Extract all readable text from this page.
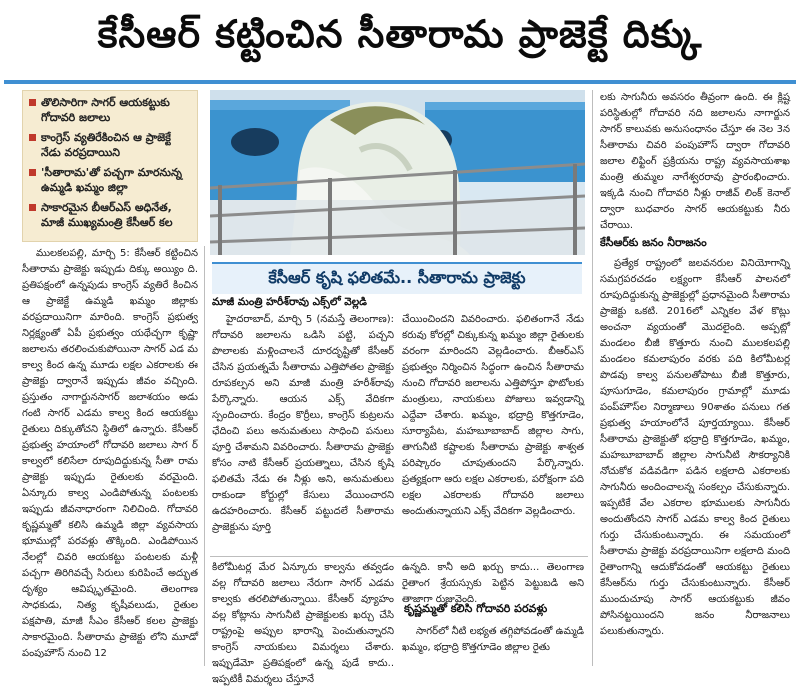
కేసీఆర్ కట్టించిన సీతారామ ప్రాజెక్టే దిక్కు
తొలిసారిగా సాగర్ ఆయకట్టుకు గోదావరి జలాలు
కాంగ్రెస్ వ్యతిరేకించిన ఆ ప్రాజెక్టే నేడు వరప్రదాయిని
'సీతారామ'తో పచ్చగా మారనున్న ఉమ్మడి ఖమ్మం జిల్లా
సాకారమైన బీఆర్ఎస్ అధినేత, మాజీ ముఖ్యమంత్రి కేసీఆర్ కల

ములకలపల్లి, మార్చి 5: కేసీఆర్ కట్టించిన సీతారామ ప్రాజెక్టు ఇప్పుడు దిక్కు అయ్యిం ది. ప్రతిపక్షంలో ఉన్నపుడు కాంగ్రెస్ వ్యతిరే కించిన ఆ ప్రాజెక్టే ఉమ్మడి ఖమ్మం జిల్లాకు వరప్రదాయినిగా మారింది. కాంగ్రెస్ ప్రభుత్వ నిర్లక్ష్యంతో ఏపీ ప్రభుత్వం యథేచ్ఛగా కృష్ణా జలాలను తరలించుకుపోయినా సాగర్ ఎడ మ కాల్వ కింద ఉన్న మూడు లక్షల ఎకరాలకు ఈ ప్రాజెక్టు ద్వారానే ఇప్పుడు జీవం వచ్చింది. ప్రస్తుతం నాగార్జునసాగర్ జలాశయం అడు గంటి సాగర్ ఎడమ కాల్వ కింద ఆయకట్టు రైతులు దిక్కుతోచని స్థితిలో ఉన్నారు. కేసీఆర్ ప్రభుత్వ హయాంలో గోదావరి జలాలు సాగ ర్ కాల్వలో కలిసేలా రూపుదిద్దుకున్న సీతా రామ ప్రాజెక్టు ఇప్పుడు రైతులకు వరమైంది. ఏన్కూరు కాల్వ ఎండిపోతున్న పంటలకు ఇప్పుడు జీవనాధారంగా నిలిచింది. గోదావరి కృష్ణమ్మతో కలిసి ఉమ్మడి జిల్లా వ్యవసాయ భూముల్లో పరవళ్లు తొక్కింది. ఎండిపోయిన నేలల్లో చివరి ఆయకట్టు పంటలకు మళ్లీ పచ్చగా తిరిగివచ్చే సిరులు కురిపించే అద్భుత దృశ్యం ఆవిష్కృతమైంది. తెలంగాణ సాధకుడు, నిత్య కృషీవలుడు, రైతుల పక్షపాతి, మాజీ సీఎం కేసీఆర్ కలల ప్రాజెక్టు సాకారమైంది. సీతారామ ప్రాజెక్టు లోని మూడో పంపుహౌస్ నుంచి 12

కేసీఆర్ కృషి ఫలితమే.. సీతారామ ప్రాజెక్టు
మాజీ మంత్రి హరీశ్‌రావు ఎక్స్‌లో వెల్లడి

హైదరాబాద్, మార్చి 5 (నమస్తే తెలంగాణ): గోదావరి జలాలను ఒడిసి పట్టి, పచ్చని పొలాలకు మళ్లించాలనే దూరదృష్టితో కేసీఆర్ చేసిన ప్రయత్నమే సీతారామ ఎత్తిపోతల ప్రాజెక్టు రూపకల్పన అని మాజీ మంత్రి హరీశ్‌రావు పేర్కొన్నారు. ఆయన ఎక్స్ వేదికగా స్పందించారు. కేంద్రం కొర్రీలు, కాంగ్రెస్ కుట్రలను ఛేదించి పలు అనుమతులు సాధించి పనులు పూర్తి చేశామని వివరించారు. సీతారామ ప్రాజెక్టు కోసం నాటి కేసీఆర్ ప్రయత్నాలు, చేసిన కృషి ఫలితమే నేడు ఈ నీళ్లు అని, అనుమతులు రాకుండా కోర్టుల్లో కేసులు వేయించారని ఉదహరించారు. కేసీఆర్ పట్టుదలే సీతారామ ప్రాజెక్టును పూర్తి

చేయించిందని వివరించారు. ఫలితంగానే నేడు కరువు కోరల్లో చిక్కుకున్న ఖమ్మం జిల్లా రైతులకు వరంగా మారిందని వెల్లడించారు. బీఆర్ఎస్ ప్రభుత్వం నిర్మించిన సిద్ధంగా ఉంచిన సీతారామ నుంచి గోదావరి జలాలను ఎత్తిపోస్తూ ఫొటోలకు మంత్రులు, నాయకులు పోజులు ఇవ్వడాన్ని ఎద్దేవా చేశారు. ఖమ్మం, భద్రాద్రి కొత్తగూడెం, సూర్యాపేట, మహబూబాబాద్ జిల్లాల సాగు, తాగునీటి కష్టాలకు సీతారామ ప్రాజెక్టు శాశ్వత పరిష్కారం చూపుతుందని పేర్కొన్నారు. ప్రత్యక్షంగా ఆరు లక్షల ఎకరాలకు, పరోక్షంగా పది లక్షల ఎకరాలకు గోదావరి జలాలు అందుతున్నాయని ఎక్స్ వేదికగా వెల్లడించారు.

కిలోమీటర్ల మేర ఏన్కూరు కాల్వను తవ్వడం వల్ల గోదావరి జలాలు నేరుగా సాగర్ ఎడమ కాల్వకు తరలిపోతున్నాయి. కేసీఆర్ వ్యూహం వల్ల కోట్లాను సాగునీటి ప్రాజెక్టులకు ఖర్చు చేసి రాష్ట్రంపై అప్పుల భారాన్ని పెంచుతున్నారని కాంగ్రెస్ నాయకులు విమర్శలు చేశారు. ఇప్పుడేమో ప్రతిపక్షంలో ఉన్న పుడే కాదు.. ఇప్పటికీ విమర్శలు చేస్తూనే

ఉన్నది. కానీ అది ఖర్చు కాదు... తెలంగాణ రైతాంగ శ్రేయస్సుకు పెట్టిన పెట్టుబడి అని తాజాగా రుజువైంది.

కృష్ణమ్మతో కలిసి గోదావరి పరవళ్లు

సాగర్‌లో నీటి లభ్యత తగ్గిపోవడంతో ఉమ్మడి ఖమ్మం, భద్రాద్రి కొత్తగూడెం జిల్లాల రైతు

లకు సాగునీరు అవసరం తీవ్రంగా ఉంది. ఈ క్లిష్ట పరిస్థితుల్లో గోదావరి నది జలాలను నాగార్జున సాగర్ కాలువకు అనుసంధానం చేస్తూ ఈ నెల 3న సీతారామ చివరి పంపుహౌస్ ద్వారా గోదావరి జలాల లిఫ్టింగ్ ప్రక్రియను రాష్ట్ర వ్యవసాయశాఖ మంత్రి తుమ్మల నాగేశ్వరరావు ప్రారంభించారు. ఇక్కడి నుంచి గోదావరి నీళ్లు రాజీవ్ లింక్ కెనాల్ ద్వారా బుధవారం సాగర్ ఆయకట్టుకు నీరు చేరాయి.

కేసీఆర్‌కు జనం నీరాజనం

ప్రత్యేక రాష్ట్రంలో జలవనరుల వినియోగాన్ని సమగ్రపరచడం లక్ష్యంగా కేసీఆర్ పాలనలో రూపుదిద్దుకున్న ప్రాజెక్టుల్లో ప్రధానమైంది సీతారామ ప్రాజెక్టు ఒకటి. 2016లో ఎన్నికల వేళ కొట్లు అంచనా వ్యయంతో మొదలైంది. అప్పట్లో మండలం బీజీ కొత్తూరు నుంచి ములకలపల్లి మండలం కమలాపురం వరకు పది కిలోమీటర్ల పొడవు కాల్వ పనులతోపాటు బీజీ కొత్తూరు, పూసుగూడెం, కమలాపురం గ్రామాల్లో మూడు పంప్‌హౌస్‌ల నిర్మాణాలు 90శాతం పనులు గత ప్రభుత్వ హయాంలోనే పూర్తయ్యాయి. కేసీఆర్ సీతారామ ప్రాజెక్టుతో భద్రాద్రి కొత్తగూడెం, ఖమ్మం, మహబూబాబాద్ జిల్లాల సాగునీటి సౌకర్యానికి నోచుకోక వడివడిగా పడిన లక్షలాది ఎకరాలకు సాగునీరు అందించాలన్న సంకల్పం చేసుకున్నారు. ఇప్పటికే వేల ఎకరాల భూములకు సాగునీరు అందుతోందని సాగర్ ఎడమ కాల్వ కింద రైతులు గుర్తు చేసుకుంటున్నారు. ఈ సమయంలో సీతారామ ప్రాజెక్టు వరప్రదాయినిగా లక్షలాది మంది రైతాంగాన్ని ఆదుకోవడంతో ఆయకట్టు రైతులు కేసీఆర్‌ను గుర్తు చేసుకుంటున్నారు. కేసీఆర్ ముందుచూపు సాగర్ ఆయకట్టుకు జీవం పోసినట్టయిందని జనం నీరాజనాలు పలుకుతున్నారు.
